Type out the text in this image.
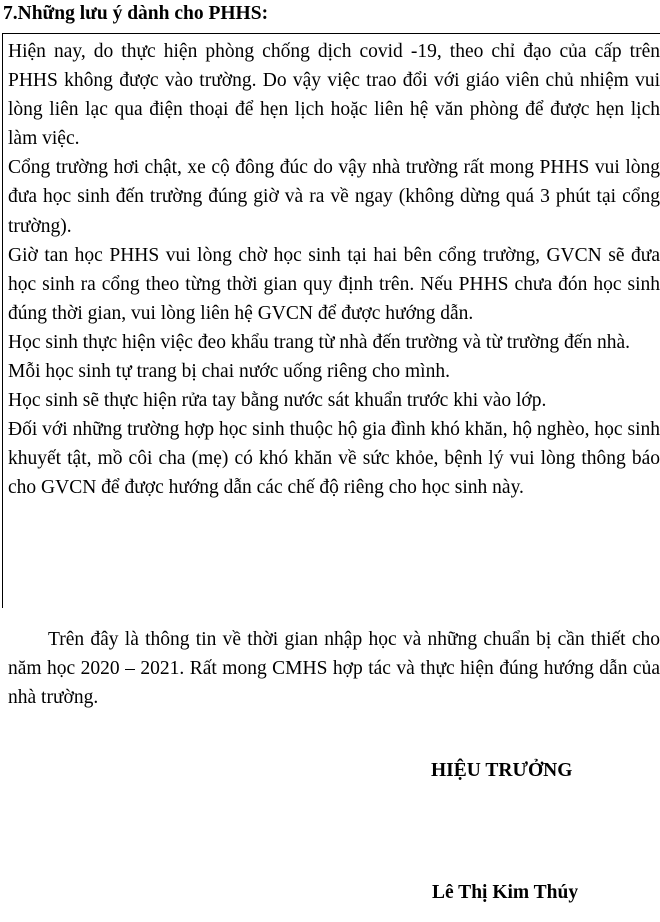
7.Những lưu ý dành cho PHHS:
Hiện nay, do thực hiện phòng chống dịch covid -19, theo chỉ đạo của cấp trên PHHS không được vào trường. Do vậy việc trao đổi với giáo viên chủ nhiệm vui lòng liên lạc qua điện thoại để hẹn lịch hoặc liên hệ văn phòng để được hẹn lịch làm việc.
Cổng trường hơi chật, xe cộ đông đúc do vậy nhà trường rất mong PHHS vui lòng đưa học sinh đến trường đúng giờ và ra về ngay (không dừng quá 3 phút tại cổng trường).
Giờ tan học PHHS vui lòng chờ học sinh tại hai bên cổng trường, GVCN sẽ đưa học sinh ra cổng theo từng thời gian quy định trên. Nếu PHHS chưa đón học sinh đúng thời gian, vui lòng liên hệ GVCN để được hướng dẫn.
Học sinh thực hiện việc đeo khẩu trang từ nhà đến trường và từ trường đến nhà.
Mỗi học sinh tự trang bị chai nước uống riêng cho mình.
Học sinh sẽ thực hiện rửa tay bằng nước sát khuẩn trước khi vào lớp.
Đối với những trường hợp học sinh thuộc hộ gia đình khó khăn, hộ nghèo, học sinh khuyết tật, mồ côi cha (mẹ) có khó khăn về sức khỏe, bệnh lý vui lòng thông báo cho GVCN để được hướng dẫn các chế độ riêng cho học sinh này.

Trên đây là thông tin về thời gian nhập học và những chuẩn bị cần thiết cho năm học 2020 – 2021. Rất mong CMHS hợp tác và thực hiện đúng hướng dẫn của nhà trường.

HIỆU TRƯỞNG

Lê Thị Kim Thúy
